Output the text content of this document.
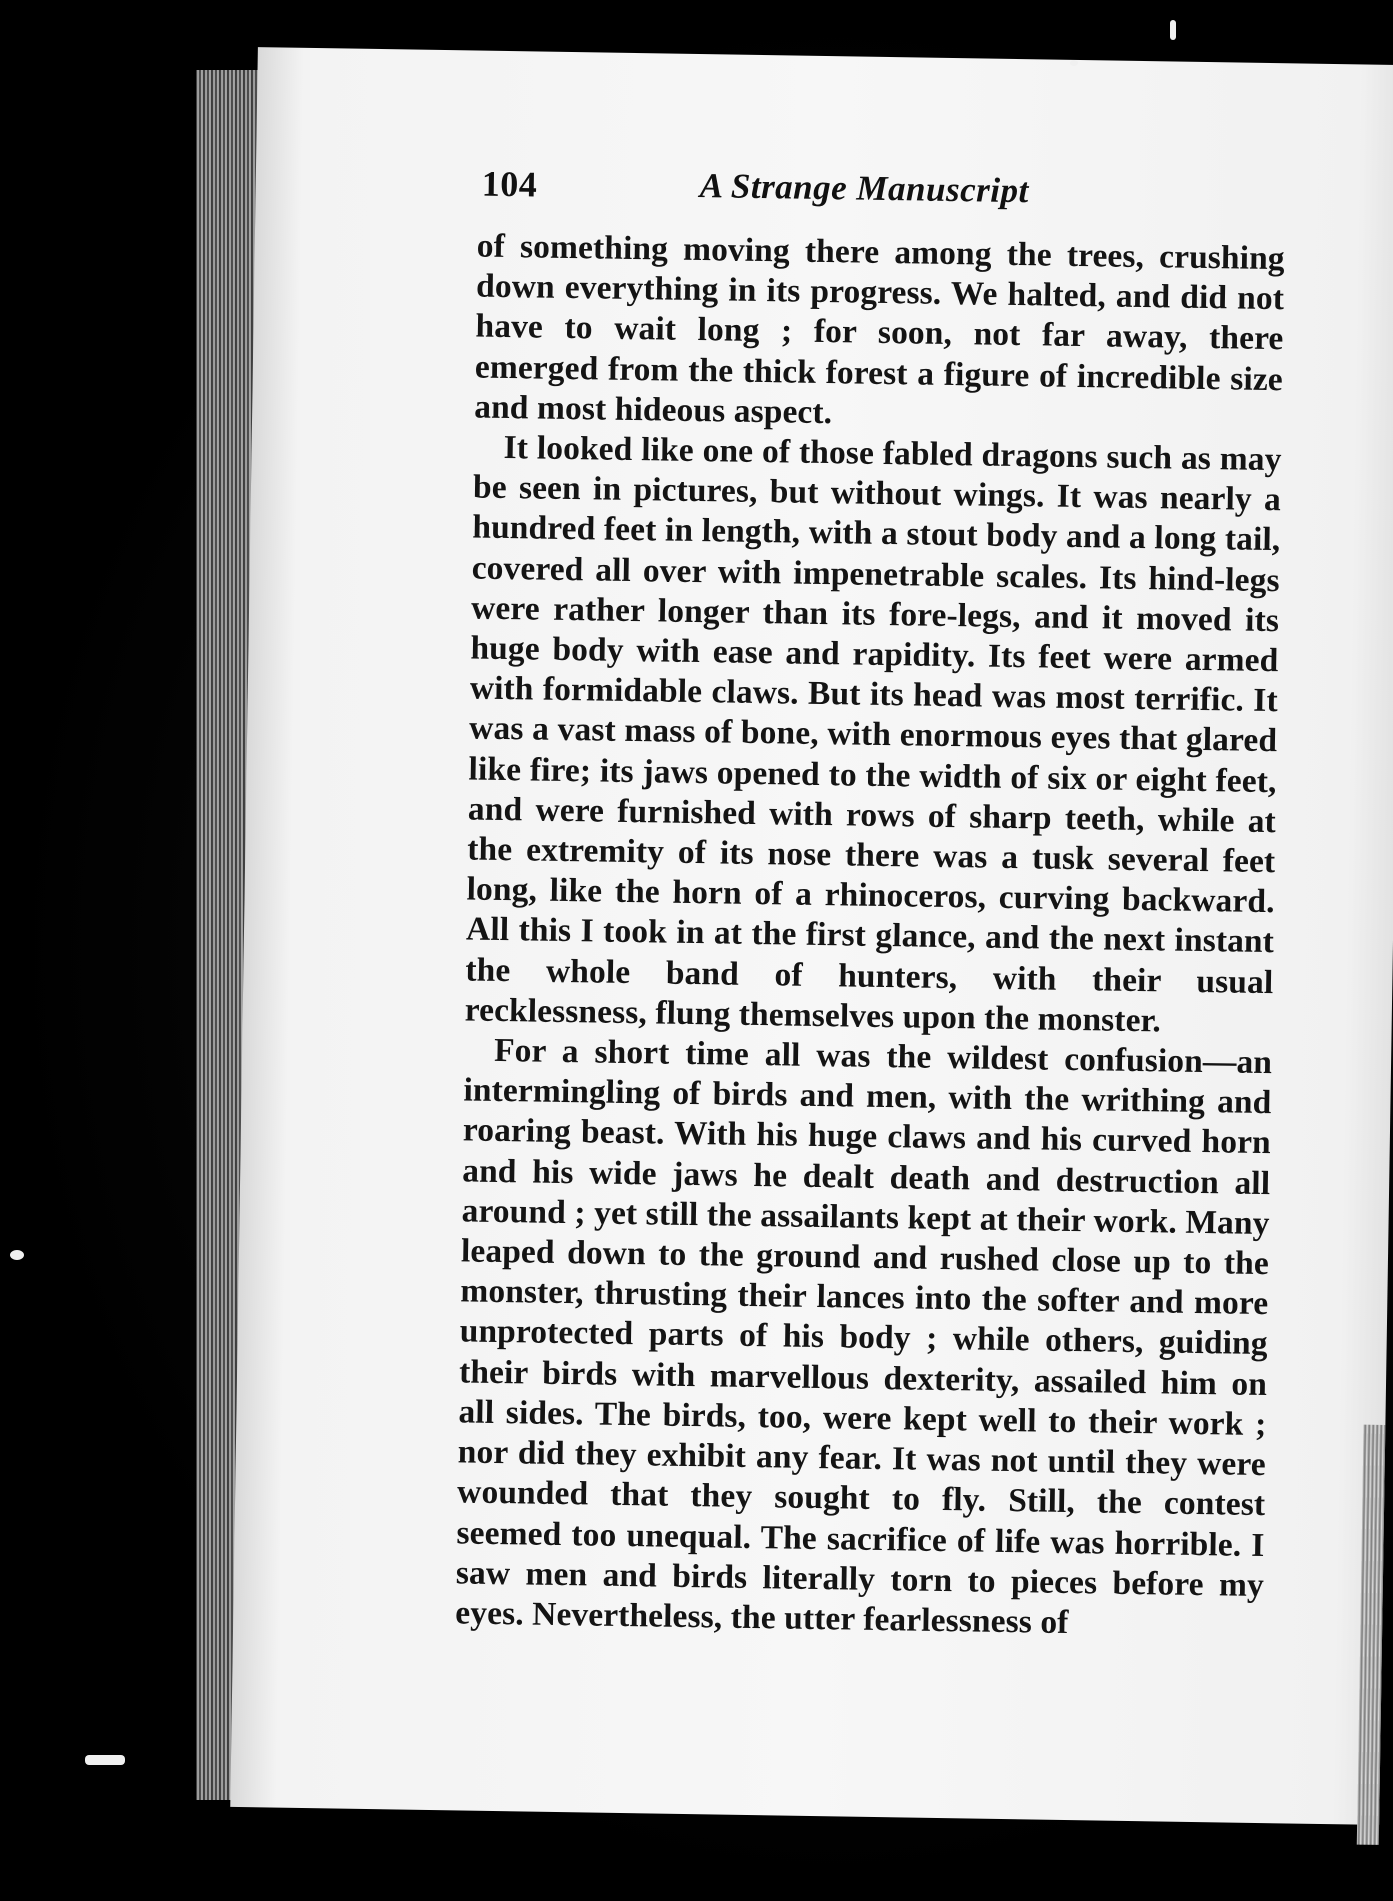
104	A Strange Manuscript

of something moving there among the trees, crushing down everything in its progress. We halted, and did not have to wait long ; for soon, not far away, there emerged from the thick forest a figure of incredible size and most hideous aspect.

It looked like one of those fabled dragons such as may be seen in pictures, but without wings. It was nearly a hundred feet in length, with a stout body and a long tail, covered all over with impenetrable scales. Its hind-legs were rather longer than its fore-legs, and it moved its huge body with ease and rapidity. Its feet were armed with formidable claws. But its head was most terrific. It was a vast mass of bone, with enormous eyes that glared like fire; its jaws opened to the width of six or eight feet, and were furnished with rows of sharp teeth, while at the extremity of its nose there was a tusk several feet long, like the horn of a rhinoceros, curving backward. All this I took in at the first glance, and the next instant the whole band of hunters, with their usual recklessness, flung themselves upon the monster.

For a short time all was the wildest confusion—an intermingling of birds and men, with the writhing and roaring beast. With his huge claws and his curved horn and his wide jaws he dealt death and destruction all around ; yet still the assailants kept at their work. Many leaped down to the ground and rushed close up to the monster, thrusting their lances into the softer and more unprotected parts of his body ; while others, guiding their birds with marvellous dexterity, assailed him on all sides. The birds, too, were kept well to their work ; nor did they exhibit any fear. It was not until they were wounded that they sought to fly. Still, the contest seemed too unequal. The sacrifice of life was horrible. I saw men and birds literally torn to pieces before my eyes. Nevertheless, the utter fearlessness of
